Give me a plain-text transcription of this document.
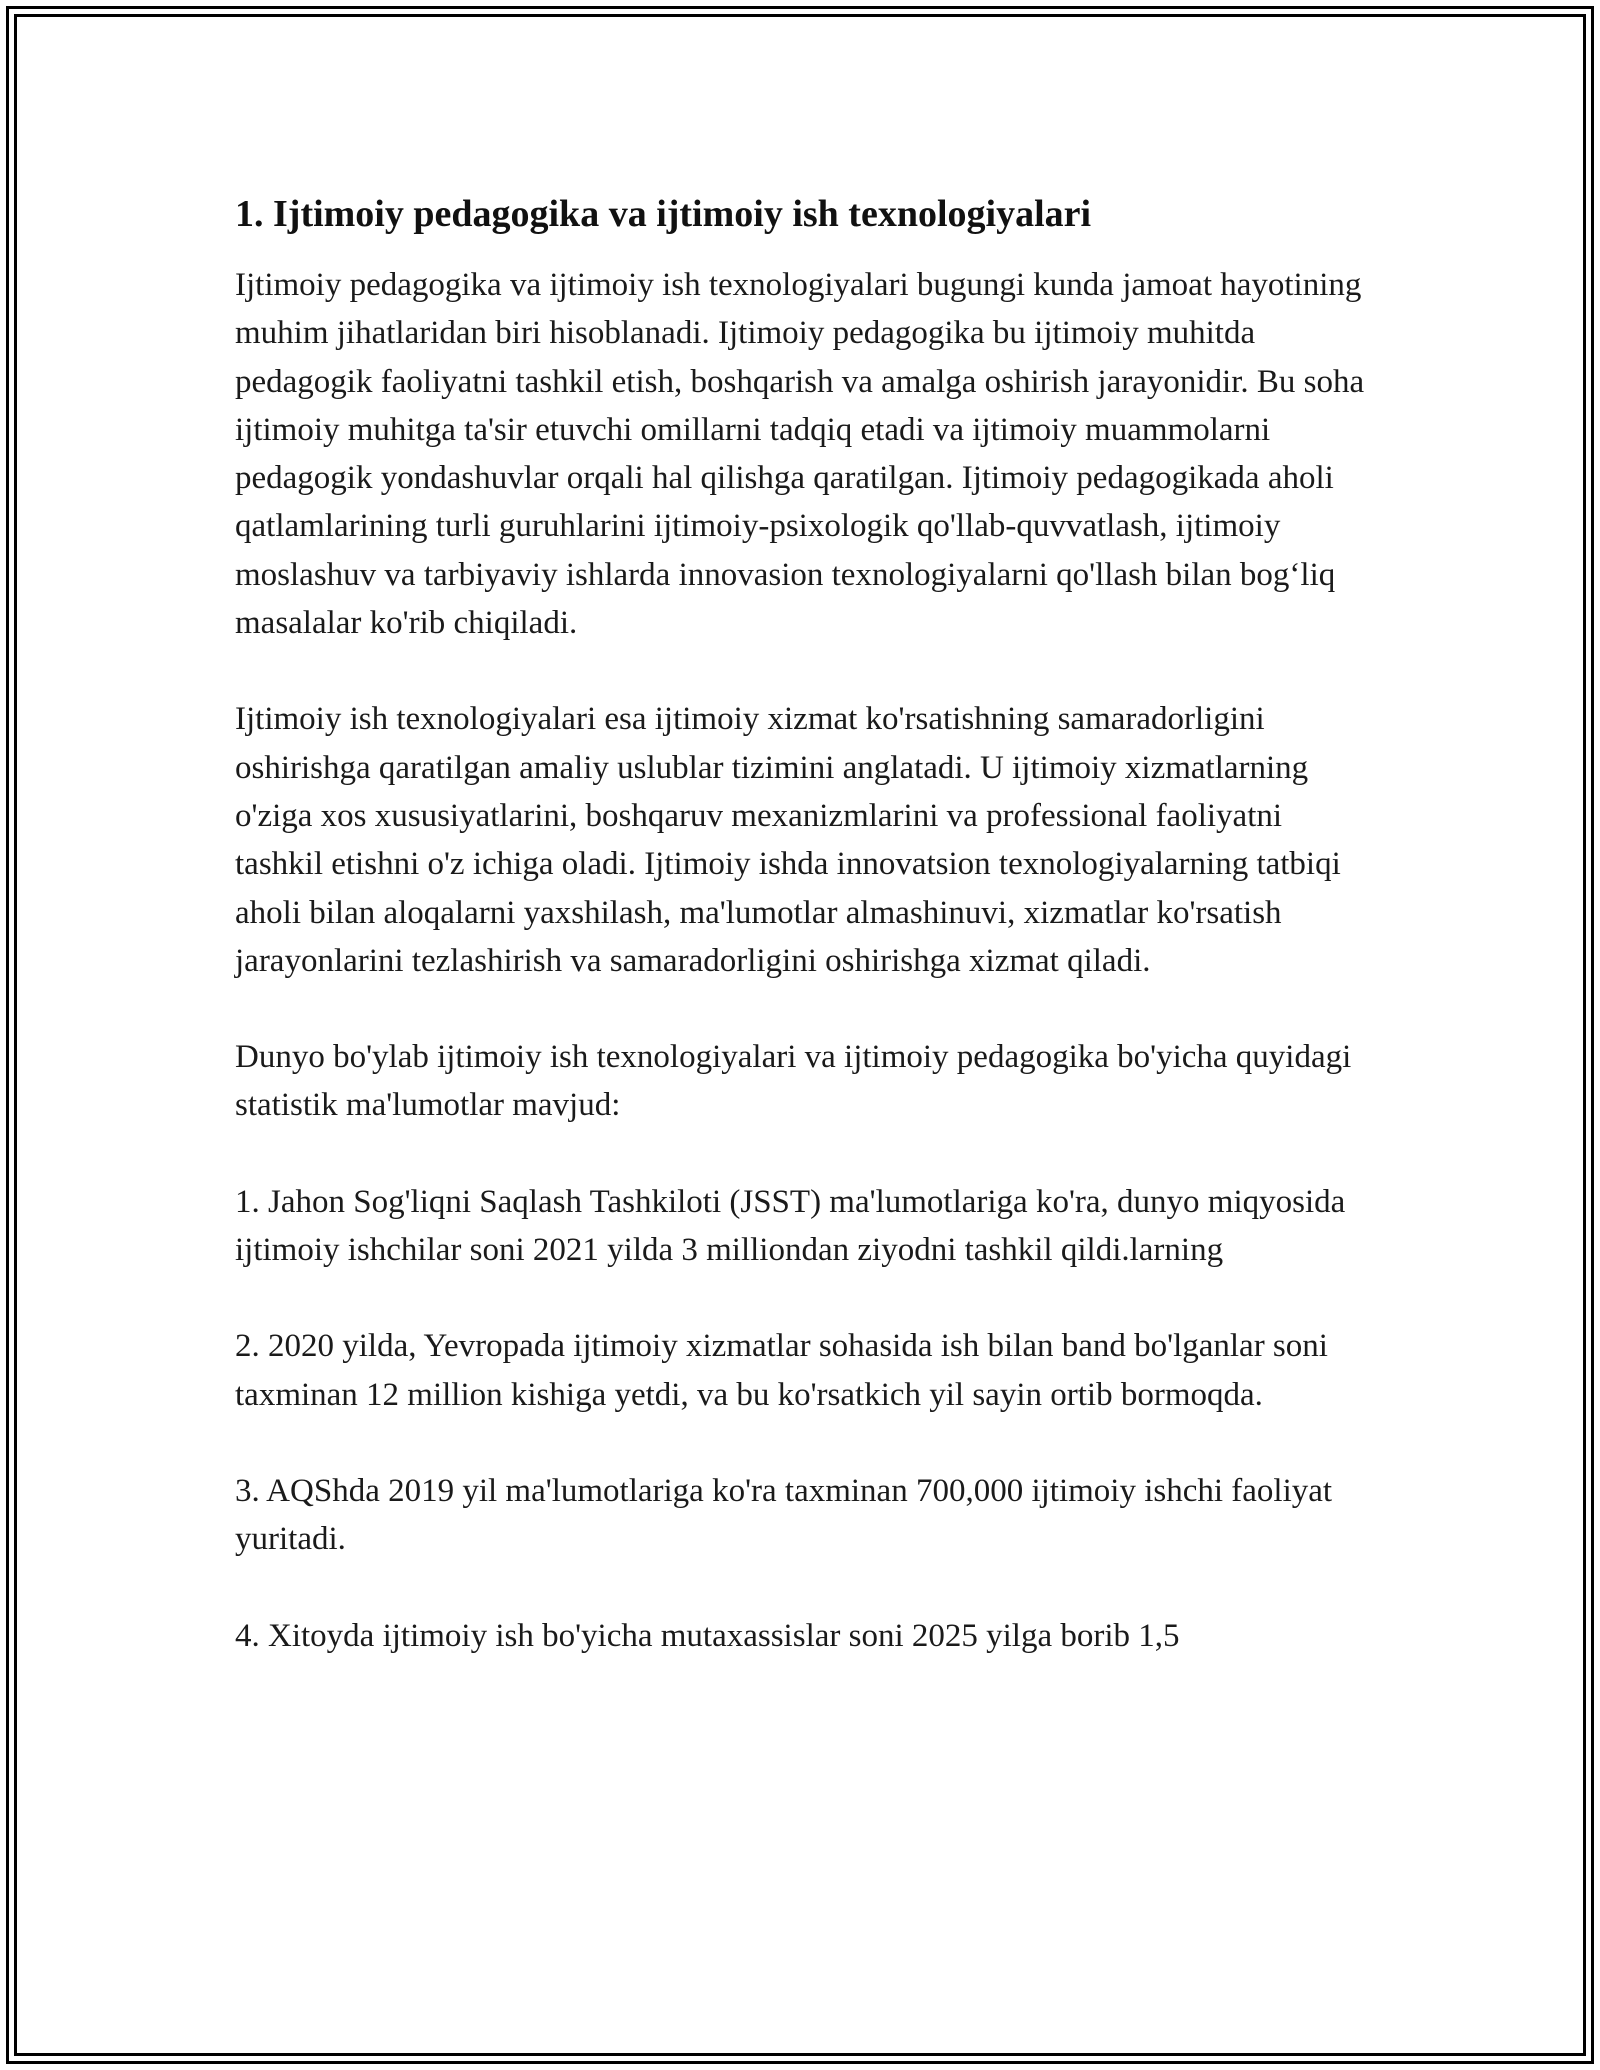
1. Ijtimoiy pedagogika va ijtimoiy ish texnologiyalari

Ijtimoiy pedagogika va ijtimoiy ish texnologiyalari bugungi kunda jamoat hayotining muhim jihatlaridan biri hisoblanadi. Ijtimoiy pedagogika bu ijtimoiy muhitda pedagogik faoliyatni tashkil etish, boshqarish va amalga oshirish jarayonidir. Bu soha ijtimoiy muhitga ta'sir etuvchi omillarni tadqiq etadi va ijtimoiy muammolarni pedagogik yondashuvlar orqali hal qilishga qaratilgan. Ijtimoiy pedagogikada aholi qatlamlarining turli guruhlarini ijtimoiy-psixologik qo'llab-quvvatlash, ijtimoiy moslashuv va tarbiyaviy ishlarda innovasion texnologiyalarni qo'llash bilan bog‘liq masalalar ko'rib chiqiladi.

Ijtimoiy ish texnologiyalari esa ijtimoiy xizmat ko'rsatishning samaradorligini oshirishga qaratilgan amaliy uslublar tizimini anglatadi. U ijtimoiy xizmatlarning o'ziga xos xususiyatlarini, boshqaruv mexanizmlarini va professional faoliyatni tashkil etishni o'z ichiga oladi. Ijtimoiy ishda innovatsion texnologiyalarning tatbiqi aholi bilan aloqalarni yaxshilash, ma'lumotlar almashinuvi, xizmatlar ko'rsatish jarayonlarini tezlashirish va samaradorligini oshirishga xizmat qiladi.

Dunyo bo'ylab ijtimoiy ish texnologiyalari va ijtimoiy pedagogika bo'yicha quyidagi statistik ma'lumotlar mavjud:

1. Jahon Sog'liqni Saqlash Tashkiloti (JSST) ma'lumotlariga ko'ra, dunyo miqyosida ijtimoiy ishchilar soni 2021 yilda 3 milliondan ziyodni tashkil qildi.larning

2. 2020 yilda, Yevropada ijtimoiy xizmatlar sohasida ish bilan band bo'lganlar soni taxminan 12 million kishiga yetdi, va bu ko'rsatkich yil sayin ortib bormoqda.

3. AQShda 2019 yil ma'lumotlariga ko'ra taxminan 700,000 ijtimoiy ishchi faoliyat yuritadi.

4. Xitoyda ijtimoiy ish bo'yicha mutaxassislar soni 2025 yilga borib 1,5
